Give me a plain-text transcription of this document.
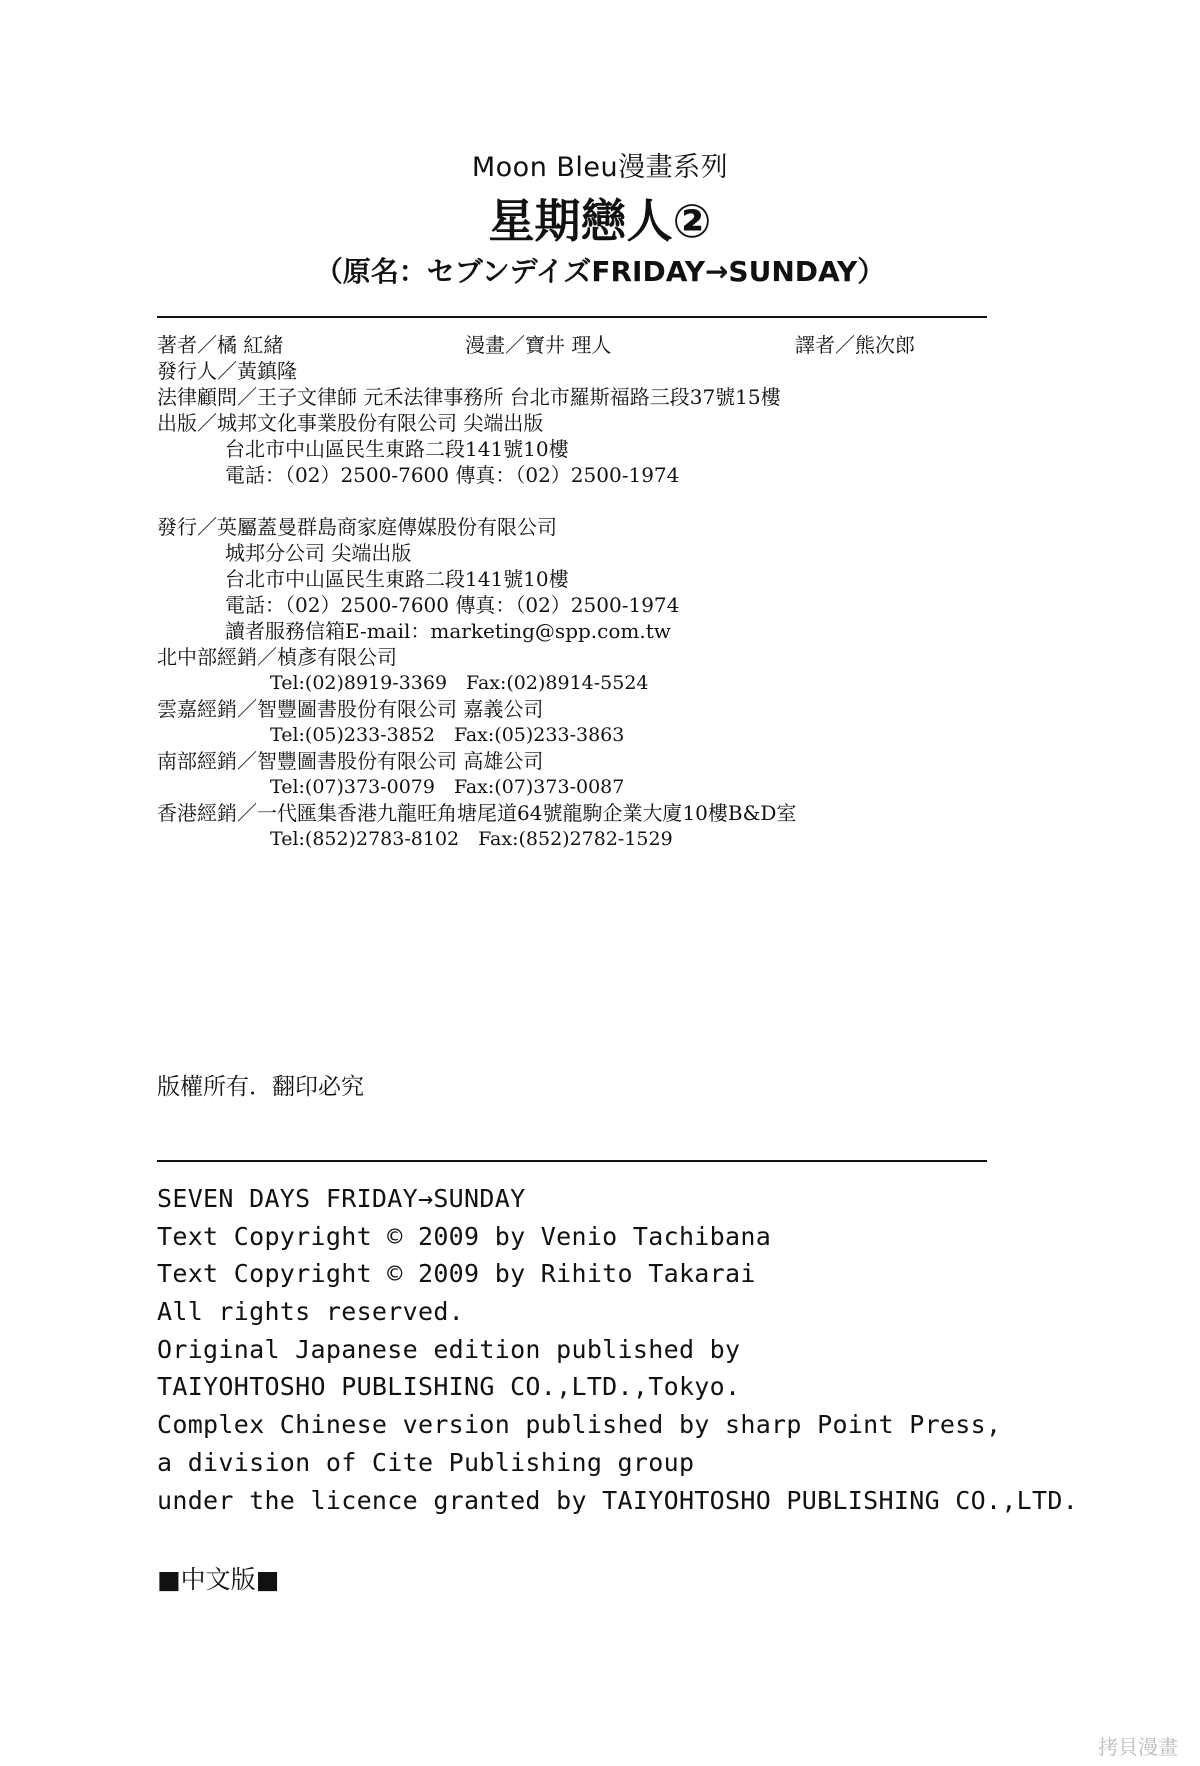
Moon Bleu漫畫系列
星期戀人②
（原名：セブンデイズFRIDAY→SUNDAY）
著者／橘 紅緒	漫畫／寶井 理人	譯者／熊次郎
發行人／黃鎮隆
法律顧問／王子文律師 元禾法律事務所 台北市羅斯福路三段37號15樓
出版／城邦文化事業股份有限公司 尖端出版
台北市中山區民生東路二段141號10樓
電話：（02）2500-7600 傳真：（02）2500-1974
發行／英屬蓋曼群島商家庭傳媒股份有限公司
城邦分公司 尖端出版
台北市中山區民生東路二段141號10樓
電話：（02）2500-7600 傳真：（02）2500-1974
讀者服務信箱E-mail：marketing@spp.com.tw
北中部經銷／楨彥有限公司
Tel:(02)8919-3369　Fax:(02)8914-5524
雲嘉經銷／智豐圖書股份有限公司 嘉義公司
Tel:(05)233-3852　Fax:(05)233-3863
南部經銷／智豐圖書股份有限公司 高雄公司
Tel:(07)373-0079　Fax:(07)373-0087
香港經銷／一代匯集香港九龍旺角塘尾道64號龍駒企業大廈10樓B&D室
Tel:(852)2783-8102　Fax:(852)2782-1529
版權所有．翻印必究
SEVEN DAYS FRIDAY→SUNDAY
Text Copyright © 2009 by Venio Tachibana
Text Copyright © 2009 by Rihito Takarai
All rights reserved.
Original Japanese edition published by
TAIYOHTOSHO PUBLISHING CO.,LTD.,Tokyo.
Complex Chinese version published by sharp Point Press,
a division of Cite Publishing group
under the licence granted by TAIYOHTOSHO PUBLISHING CO.,LTD.
■中文版■
拷貝漫畫
